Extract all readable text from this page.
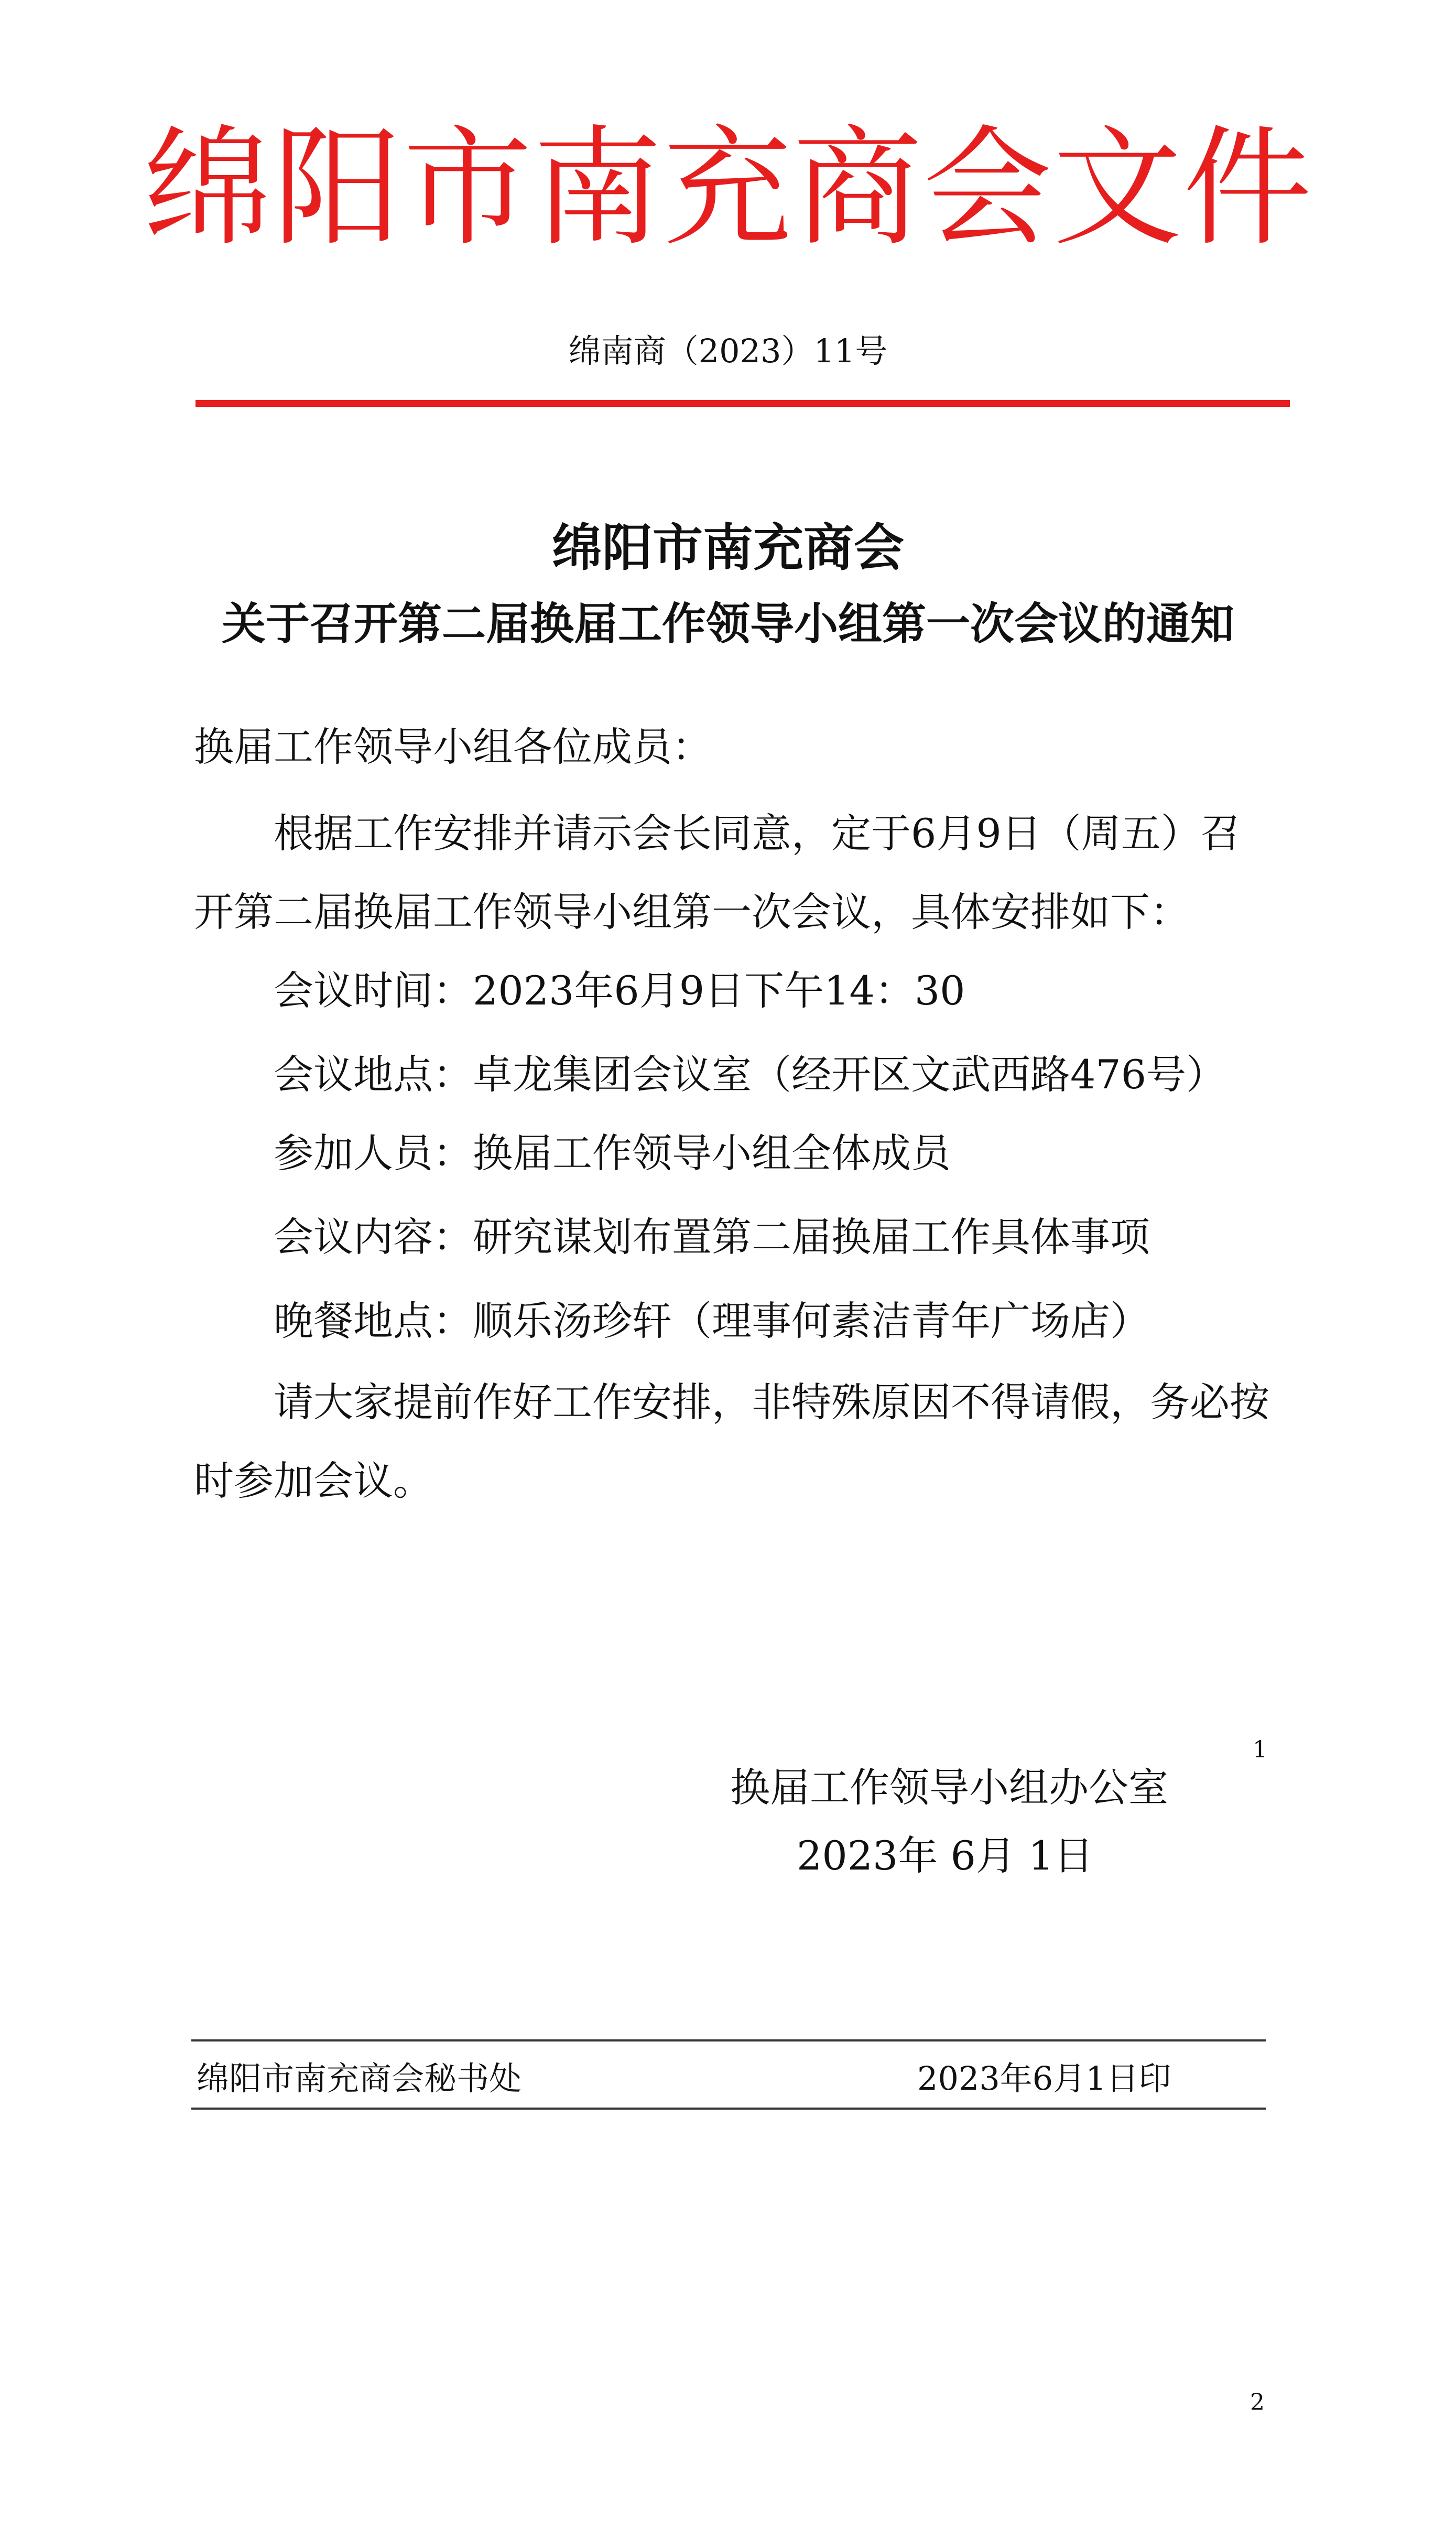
绵阳市南充商会文件
绵南商（2023）11号
绵阳市南充商会
关于召开第二届换届工作领导小组第一次会议的通知
换届工作领导小组各位成员：
根据工作安排并请示会长同意，定于6月9日（周五）召
开第二届换届工作领导小组第一次会议，具体安排如下：
会议时间：2023年6月9日下午14：30
会议地点：卓龙集团会议室（经开区文武西路476号）
参加人员：换届工作领导小组全体成员
会议内容：研究谋划布置第二届换届工作具体事项
晚餐地点：顺乐汤珍轩（理事何素洁青年广场店）
请大家提前作好工作安排，非特殊原因不得请假，务必按
时参加会议。
1
换届工作领导小组办公室
2023年 6月 1日
绵阳市南充商会秘书处	2023年6月1日印
2
